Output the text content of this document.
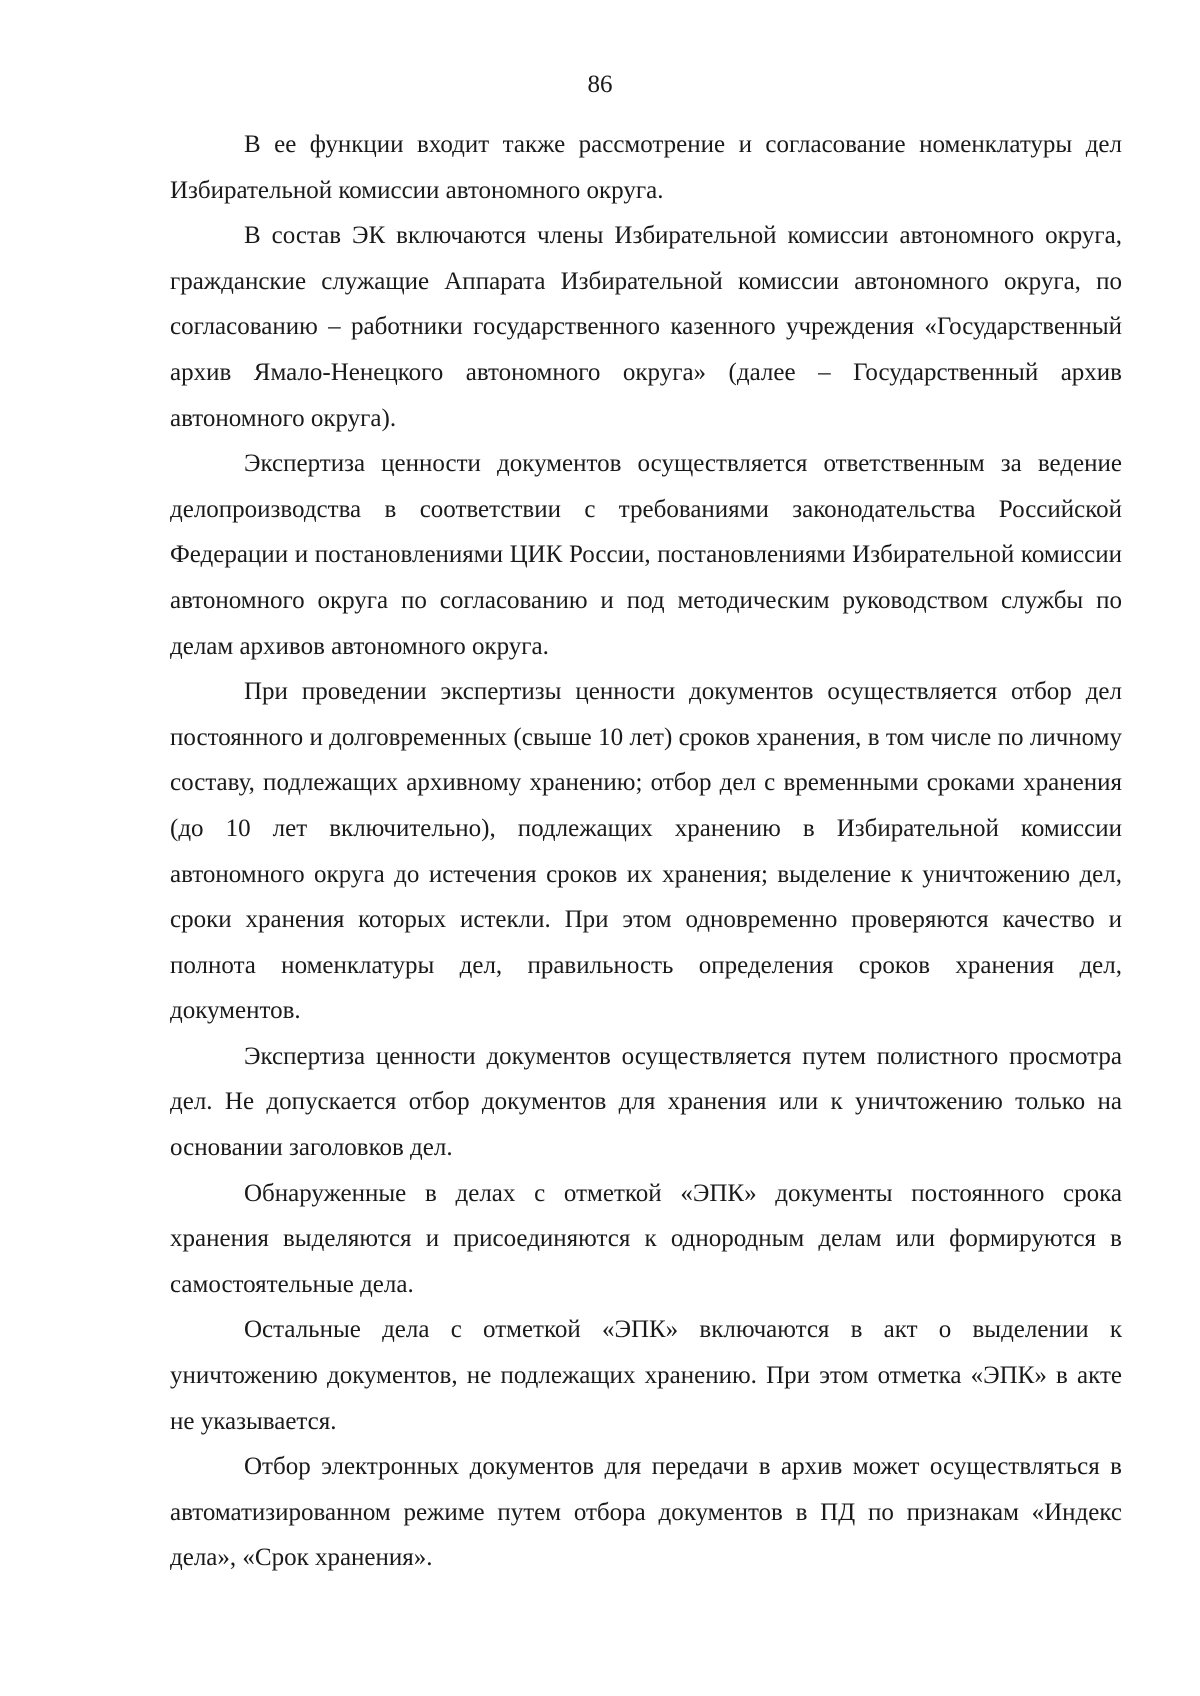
86

В ее функции входит также рассмотрение и согласование номенклатуры дел Избирательной комиссии автономного округа.

В состав ЭК включаются члены Избирательной комиссии автономного округа, гражданские служащие Аппарата Избирательной комиссии автономного округа, по согласованию – работники государственного казенного учреждения «Государственный архив Ямало-Ненецкого автономного округа» (далее – Государственный архив автономного округа).

Экспертиза ценности документов осуществляется ответственным за ведение делопроизводства в соответствии с требованиями законодательства Российской Федерации и постановлениями ЦИК России, постановлениями Избирательной комиссии автономного округа по согласованию и под методическим руководством службы по делам архивов автономного округа.

При проведении экспертизы ценности документов осуществляется отбор дел постоянного и долговременных (свыше 10 лет) сроков хранения, в том числе по личному составу, подлежащих архивному хранению; отбор дел с временными сроками хранения (до 10 лет включительно), подлежащих хранению в Избирательной комиссии автономного округа до истечения сроков их хранения; выделение к уничтожению дел, сроки хранения которых истекли. При этом одновременно проверяются качество и полнота номенклатуры дел, правильность определения сроков хранения дел, документов.

Экспертиза ценности документов осуществляется путем полистного просмотра дел. Не допускается отбор документов для хранения или к уничтожению только на основании заголовков дел.

Обнаруженные в делах с отметкой «ЭПК» документы постоянного срока хранения выделяются и присоединяются к однородным делам или формируются в самостоятельные дела.

Остальные дела с отметкой «ЭПК» включаются в акт о выделении к уничтожению документов, не подлежащих хранению. При этом отметка «ЭПК» в акте не указывается.

Отбор электронных документов для передачи в архив может осуществляться в автоматизированном режиме путем отбора документов в ПД по признакам «Индекс дела», «Срок хранения».
